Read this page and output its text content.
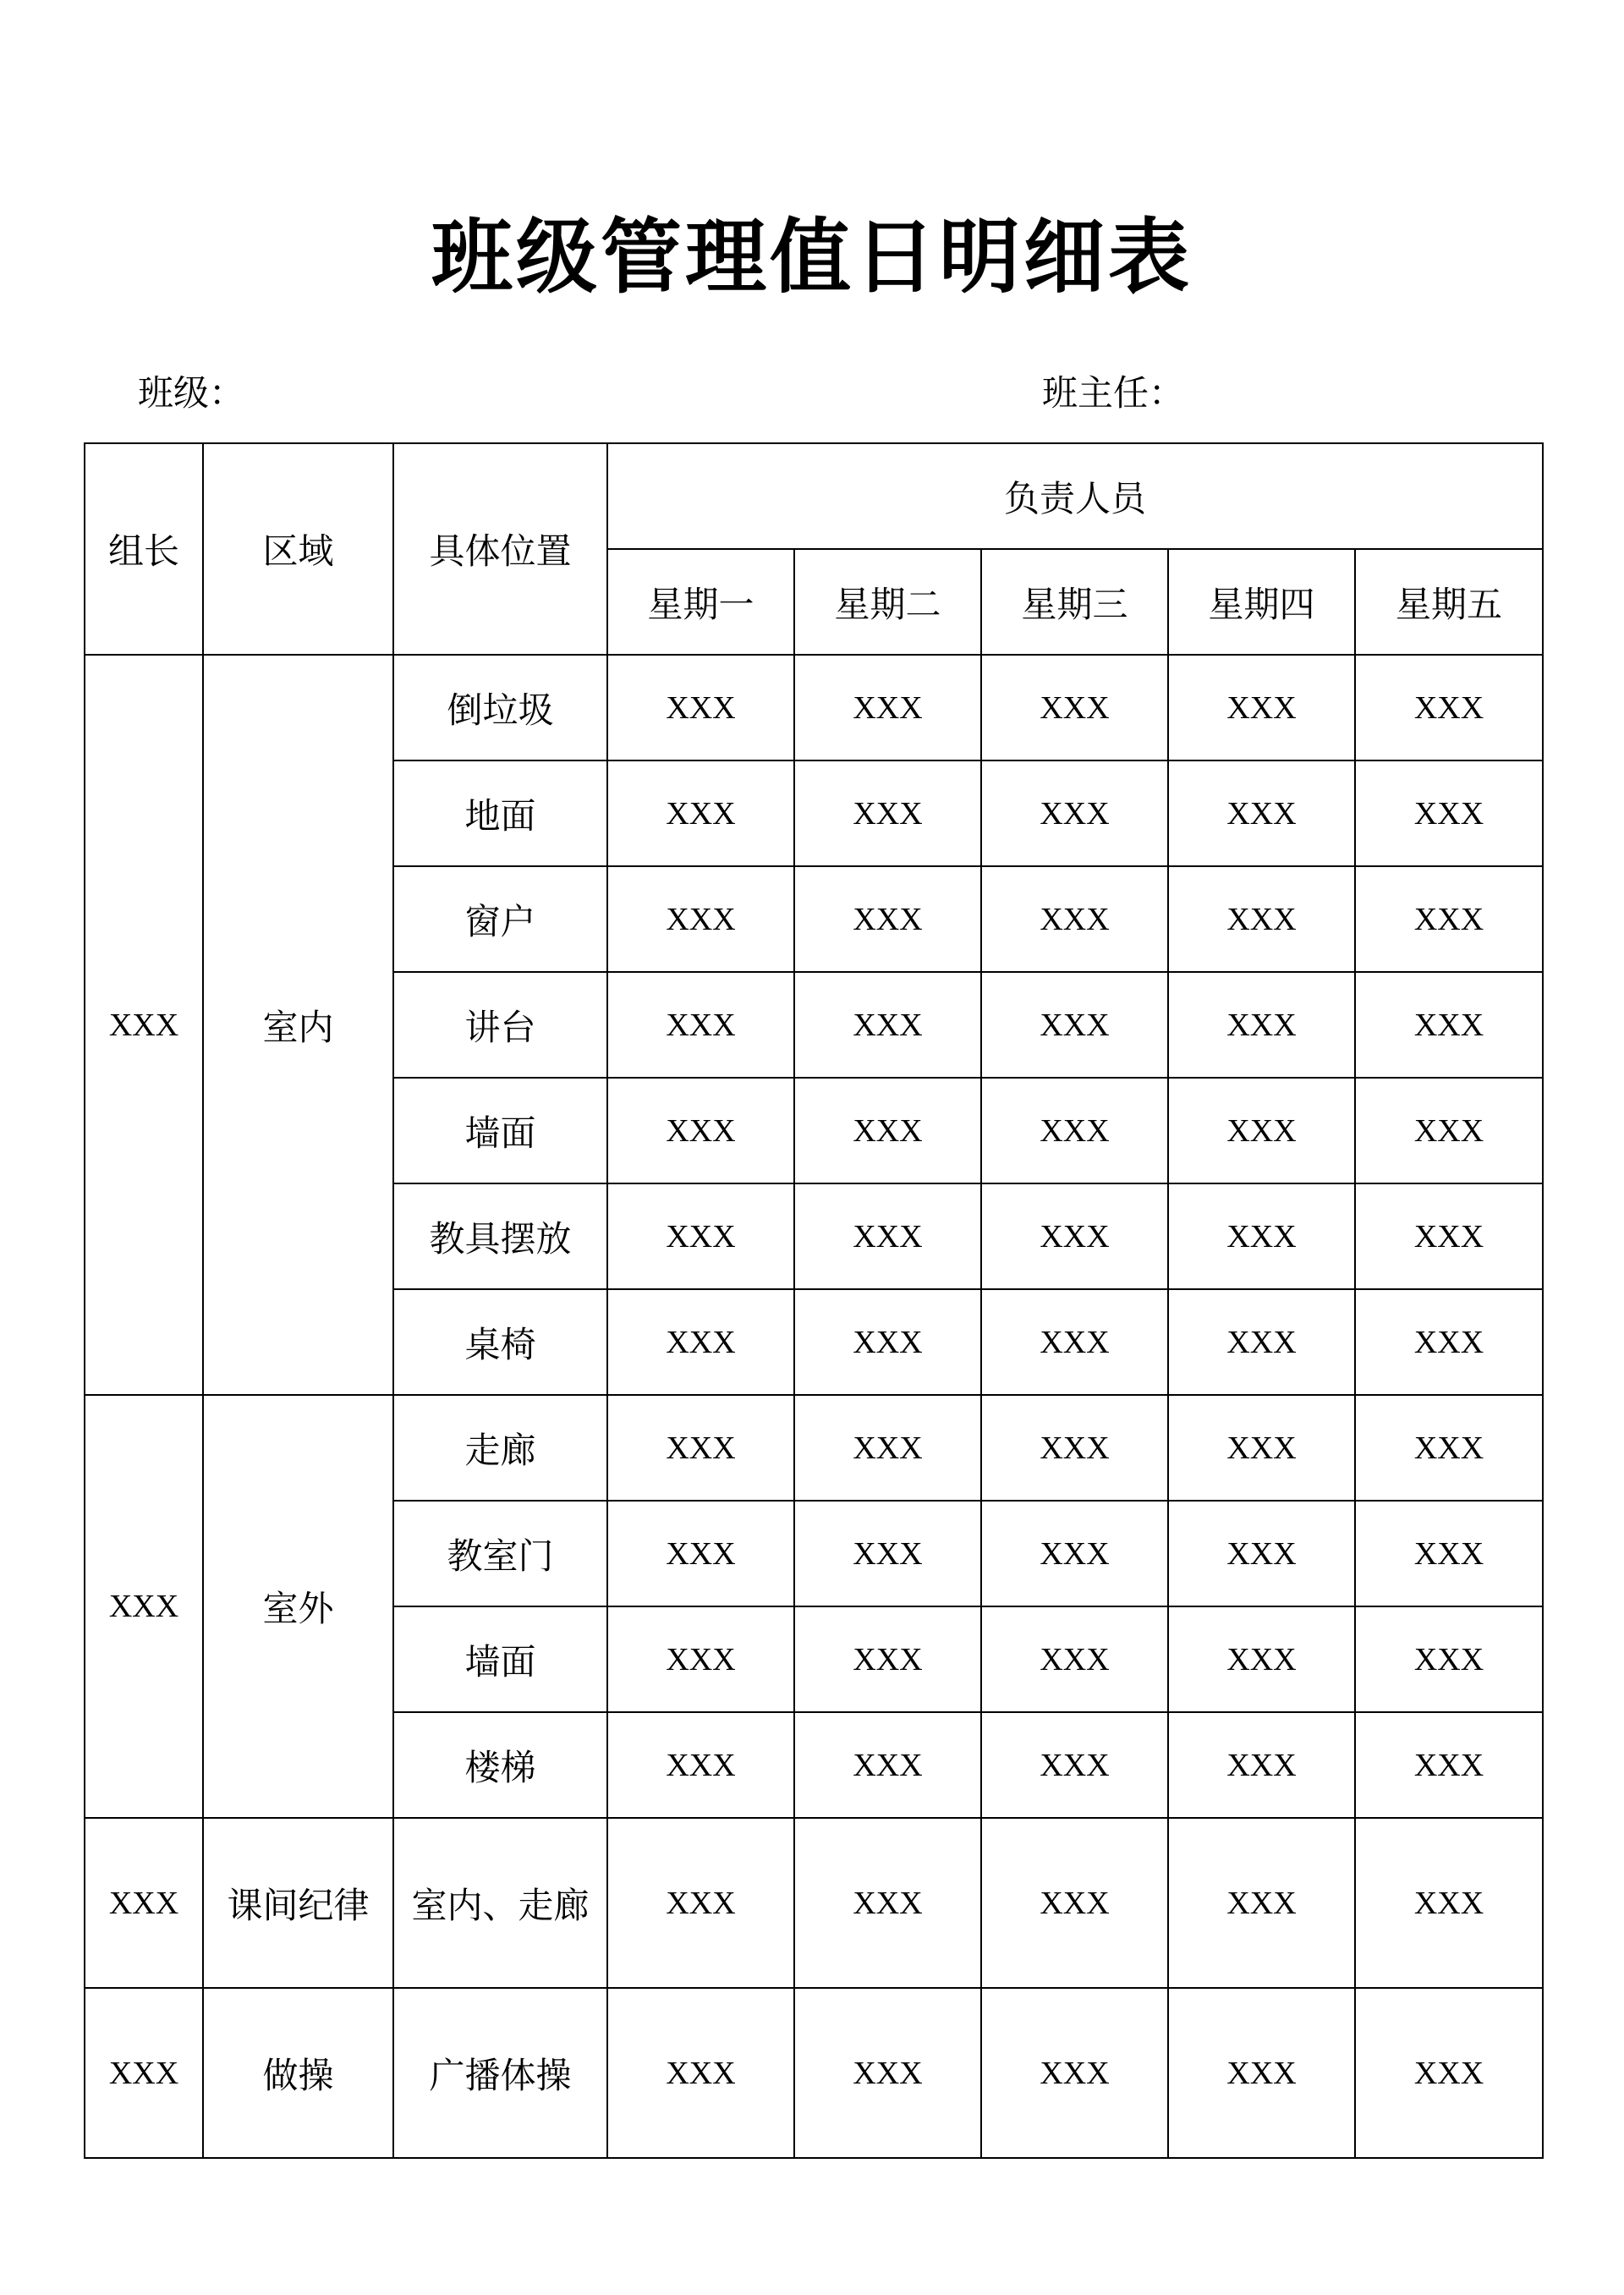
班级管理值日明细表
班级：	班主任：
组长	区域	具体位置	负责人员				
			星期一	星期二	星期三	星期四	星期五
XXX	室内	倒垃圾	XXX	XXX	XXX	XXX	XXX
		地面	XXX	XXX	XXX	XXX	XXX
		窗户	XXX	XXX	XXX	XXX	XXX
		讲台	XXX	XXX	XXX	XXX	XXX
		墙面	XXX	XXX	XXX	XXX	XXX
		教具摆放	XXX	XXX	XXX	XXX	XXX
		桌椅	XXX	XXX	XXX	XXX	XXX
XXX	室外	走廊	XXX	XXX	XXX	XXX	XXX
		教室门	XXX	XXX	XXX	XXX	XXX
		墙面	XXX	XXX	XXX	XXX	XXX
		楼梯	XXX	XXX	XXX	XXX	XXX
XXX	课间纪律	室内、走廊	XXX	XXX	XXX	XXX	XXX
XXX	做操	广播体操	XXX	XXX	XXX	XXX	XXX
